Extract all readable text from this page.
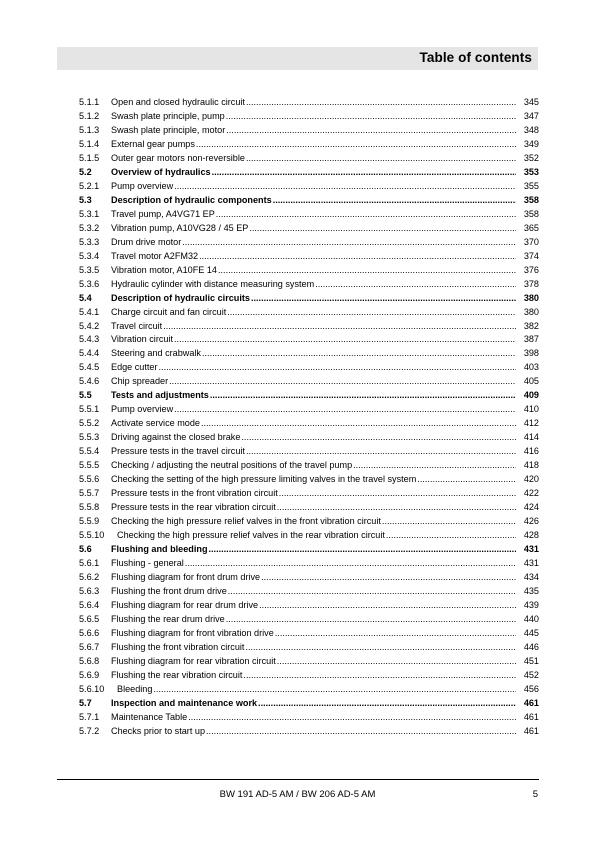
Table of contents
5.1.1	Open and closed hydraulic circuit .....	345
5.1.2	Swash plate principle, pump .....	347
5.1.3	Swash plate principle, motor .....	348
5.1.4	External gear pumps .....	349
5.1.5	Outer gear motors non-reversible .....	352
5.2	Overview of hydraulics .....	353
5.2.1	Pump overview .....	355
5.3	Description of hydraulic components .....	358
5.3.1	Travel pump, A4VG71 EP .....	358
5.3.2	Vibration pump, A10VG28 / 45 EP .....	365
5.3.3	Drum drive motor .....	370
5.3.4	Travel motor A2FM32 .....	374
5.3.5	Vibration motor, A10FE 14 .....	376
5.3.6	Hydraulic cylinder with distance measuring system .....	378
5.4	Description of hydraulic circuits .....	380
5.4.1	Charge circuit and fan circuit .....	380
5.4.2	Travel circuit .....	382
5.4.3	Vibration circuit .....	387
5.4.4	Steering and crabwalk .....	398
5.4.5	Edge cutter .....	403
5.4.6	Chip spreader .....	405
5.5	Tests and adjustments .....	409
5.5.1	Pump overview .....	410
5.5.2	Activate service mode .....	412
5.5.3	Driving against the closed brake .....	414
5.5.4	Pressure tests in the travel circuit .....	416
5.5.5	Checking / adjusting the neutral positions of the travel pump .....	418
5.5.6	Checking the setting of the high pressure limiting valves in the travel system .....	420
5.5.7	Pressure tests in the front vibration circuit .....	422
5.5.8	Pressure tests in the rear vibration circuit .....	424
5.5.9	Checking the high pressure relief valves in the front vibration circuit .....	426
5.5.10	Checking the high pressure relief valves in the rear vibration circuit .....	428
5.6	Flushing and bleeding .....	431
5.6.1	Flushing - general .....	431
5.6.2	Flushing diagram for front drum drive .....	434
5.6.3	Flushing the front drum drive .....	435
5.6.4	Flushing diagram for rear drum drive .....	439
5.6.5	Flushing the rear drum drive .....	440
5.6.6	Flushing diagram for front vibration drive .....	445
5.6.7	Flushing the front vibration circuit .....	446
5.6.8	Flushing diagram for rear vibration circuit .....	451
5.6.9	Flushing the rear vibration circuit .....	452
5.6.10	Bleeding .....	456
5.7	Inspection and maintenance work .....	461
5.7.1	Maintenance Table .....	461
5.7.2	Checks prior to start up .....	461
BW 191 AD-5 AM / BW 206 AD-5 AM	5
